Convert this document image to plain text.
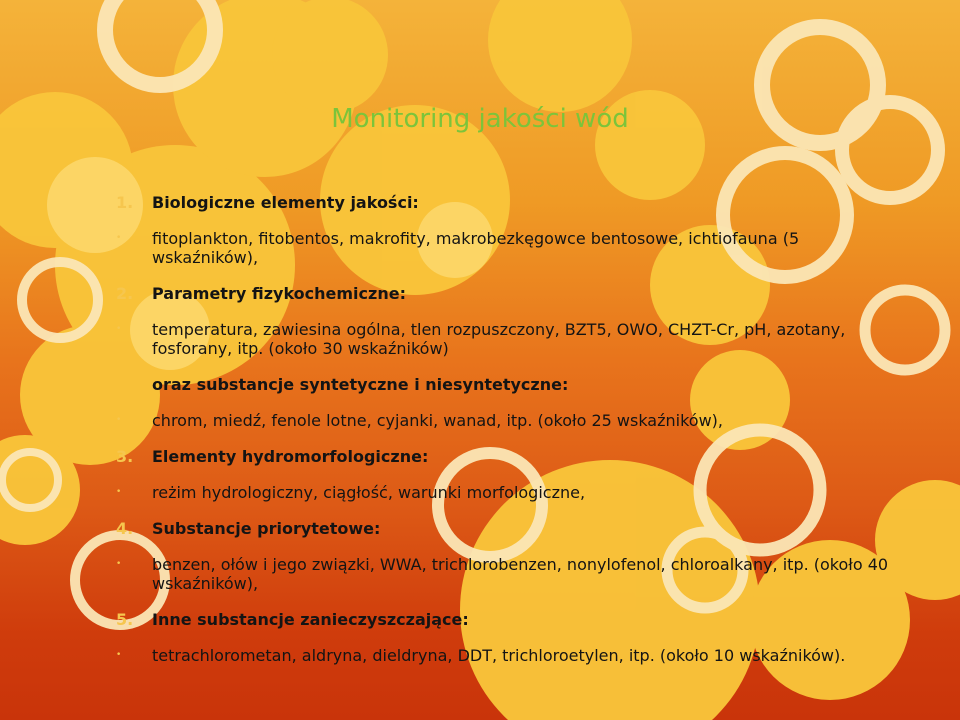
Monitoring jakości wód
1. Biologiczne elementy jakości:
• fitoplankton, fitobentos, makrofity, makrobezkęgowce bentosowe, ichtiofauna (5 wskaźników),
2. Parametry fizykochemiczne:
• temperatura, zawiesina ogólna, tlen rozpuszczony, BZT5, OWO, CHZT-Cr, pH, azotany, fosforany, itp. (około 30 wskaźników)
oraz substancje syntetyczne i niesyntetyczne:
• chrom, miedź, fenole lotne, cyjanki, wanad, itp. (około 25 wskaźników),
3. Elementy hydromorfologiczne:
• reżim hydrologiczny, ciągłość, warunki morfologiczne,
4. Substancje priorytetowe:
• benzen, ołów i jego związki, WWA, trichlorobenzen, nonylofenol, chloroalkany, itp. (około 40 wskaźników),
5. Inne substancje zanieczyszczające:
• tetrachlorometan, aldryna, dieldryna, DDT, trichloroetylen, itp. (około 10 wskaźników).
